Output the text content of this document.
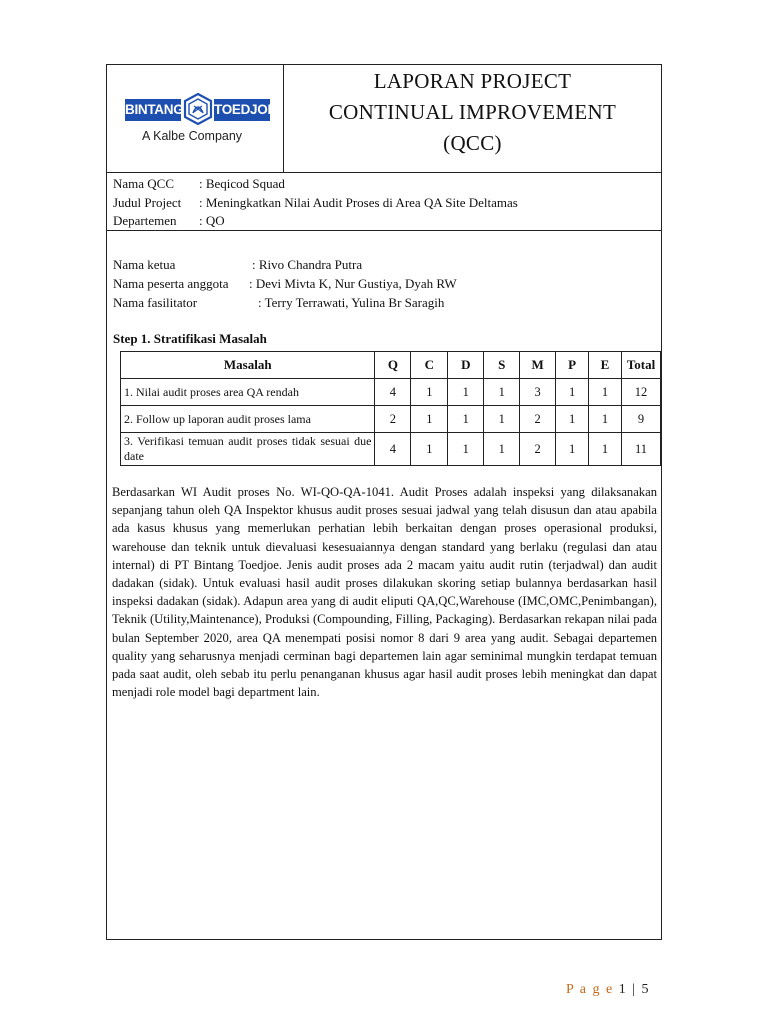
BINTANG TOEDJOE
A Kalbe Company
LAPORAN PROJECT
CONTINUAL IMPROVEMENT
(QCC)
Nama QCC : Beqicod Squad
Judul Project : Meningkatkan Nilai Audit Proses di Area QA Site Deltamas
Departemen : QO
Nama ketua	: Rivo Chandra Putra
Nama peserta anggota : Devi Mivta K, Nur Gustiya, Dyah RW
Nama fasilitator	: Terry Terrawati, Yulina Br Saragih
Step 1. Stratifikasi Masalah
Masalah	Q	C	D	S	M	P	E	Total
1. Nilai audit proses area QA rendah	4	1	1	1	3	1	1	12
2. Follow up laporan audit proses lama	2	1	1	1	2	1	1	9
3. Verifikasi temuan audit proses tidak sesuai due date	4	1	1	1	2	1	1	11
Berdasarkan WI Audit proses No. WI-QO-QA-1041. Audit Proses adalah inspeksi yang dilaksanakan sepanjang tahun oleh QA Inspektor khusus audit proses sesuai jadwal yang telah disusun dan atau apabila ada kasus khusus yang memerlukan perhatian lebih berkaitan dengan proses operasional produksi, warehouse dan teknik untuk dievaluasi kesesuaiannya dengan standard yang berlaku (regulasi dan atau internal) di PT Bintang Toedjoe. Jenis audit proses ada 2 macam yaitu audit rutin (terjadwal) dan audit dadakan (sidak). Untuk evaluasi hasil audit proses dilakukan skoring setiap bulannya berdasarkan hasil inspeksi dadakan (sidak). Adapun area yang di audit eliputi QA,QC,Warehouse (IMC,OMC,Penimbangan), Teknik (Utility,Maintenance), Produksi (Compounding, Filling, Packaging). Berdasarkan rekapan nilai pada bulan September 2020, area QA menempati posisi nomor 8 dari 9 area yang audit. Sebagai departemen quality yang seharusnya menjadi cerminan bagi departemen lain agar seminimal mungkin terdapat temuan pada saat audit, oleh sebab itu perlu penanganan khusus agar hasil audit proses lebih meningkat dan dapat menjadi role model bagi department lain.
P a g e 1 | 5
